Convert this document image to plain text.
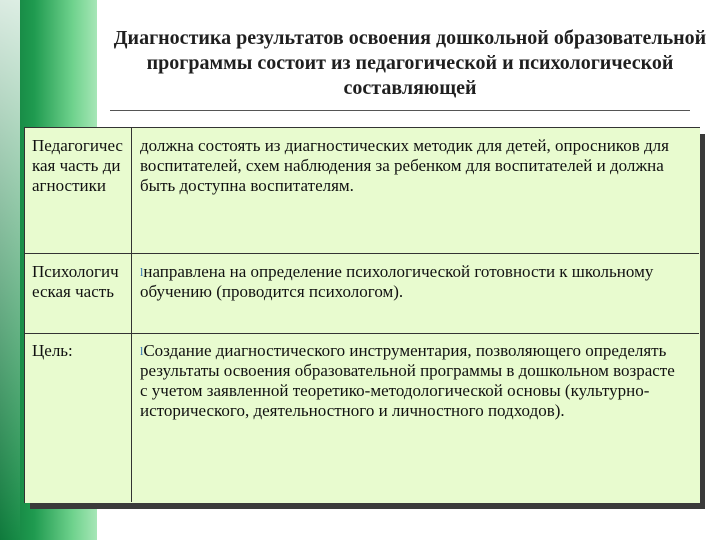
Диагностика результатов освоения дошкольной образовательной программы состоит из педагогической и психологической составляющей
Педагогическая часть диагностики
должна состоять из диагностических методик для детей, опросников для воспитателей, схем наблюдения за ребенком для воспитателей и должна быть доступна воспитателям.
Психологическая часть
lнаправлена на определение психологической готовности к школьному обучению (проводится психологом).
Цель:	lСоздание диагностического инструментария, позволяющего определять результаты освоения образовательной программы в дошкольном возрасте с учетом заявленной теоретико-методологической основы (культурно-исторического, деятельностного и личностного подходов).
